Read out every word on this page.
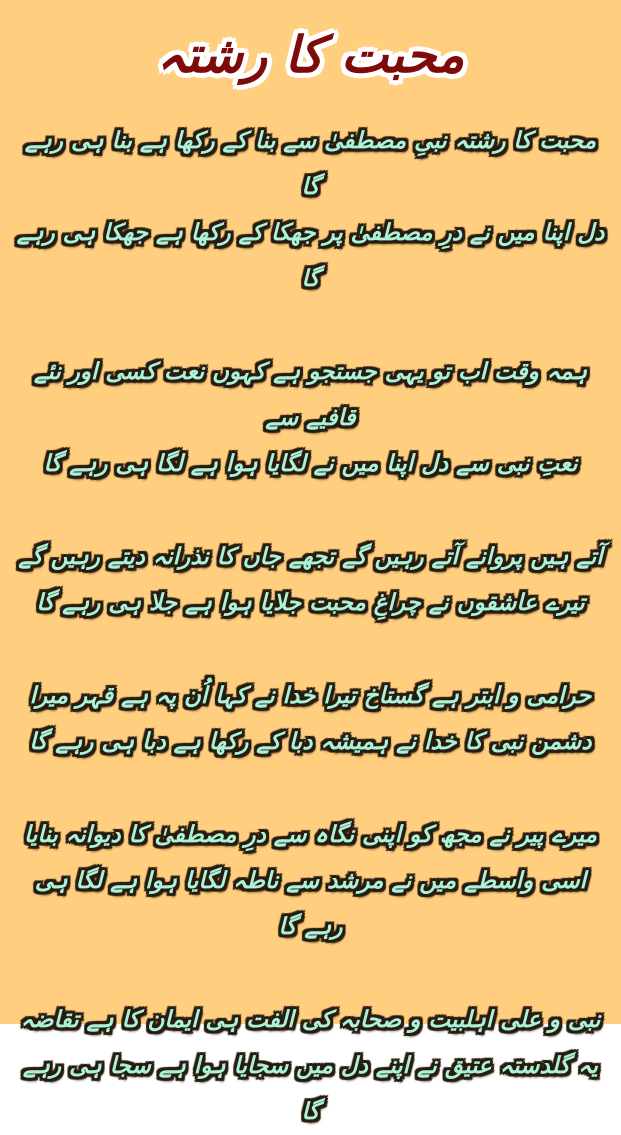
محبت کا رشتہ

محبت کا رشتہ نبیِ مصطفیٰ سے بنا کے رکھا ہے بنا ہی رہے گا

دل اپنا میں نے درِ مصطفیٰ پر جھکا کے رکھا ہے جھکا ہی رہے گا

ہمہ وقت اب تو یہی جستجو ہے کہوں نعت کسی اور نئے قافیے سے

نعتِ نبی سے دل اپنا میں نے لگایا ہوا ہے لگا ہی رہے گا

آتے ہیں پروانے آتے رہیں گے تجھے جاں کا نذرانہ دیتے رہیں گے

تیرے عاشقوں نے چراغِ محبت جلایا ہوا ہے جلا ہی رہے گا

حرامی و ابتر ہے گستاخ تیرا خدا نے کہا اُن پہ ہے قہر میرا

دشمن نبی کا خدا نے ہمیشہ دبا کے رکھا ہے دبا ہی رہے گا

میرے پیر نے مجھ کو اپنی نگاہ سے درِ مصطفیٰ کا دیوانہ بنایا

اسی واسطے میں نے مرشد سے ناطہ لگایا ہوا ہے لگا ہی رہے گا

نبی و علی اہلبیت و صحابہ کی الفت ہی ایمان کا ہے تقاضہ

یہ گلدستہ عتیق نے اپنے دل میں سجایا ہوا ہے سجا ہی رہے گا
